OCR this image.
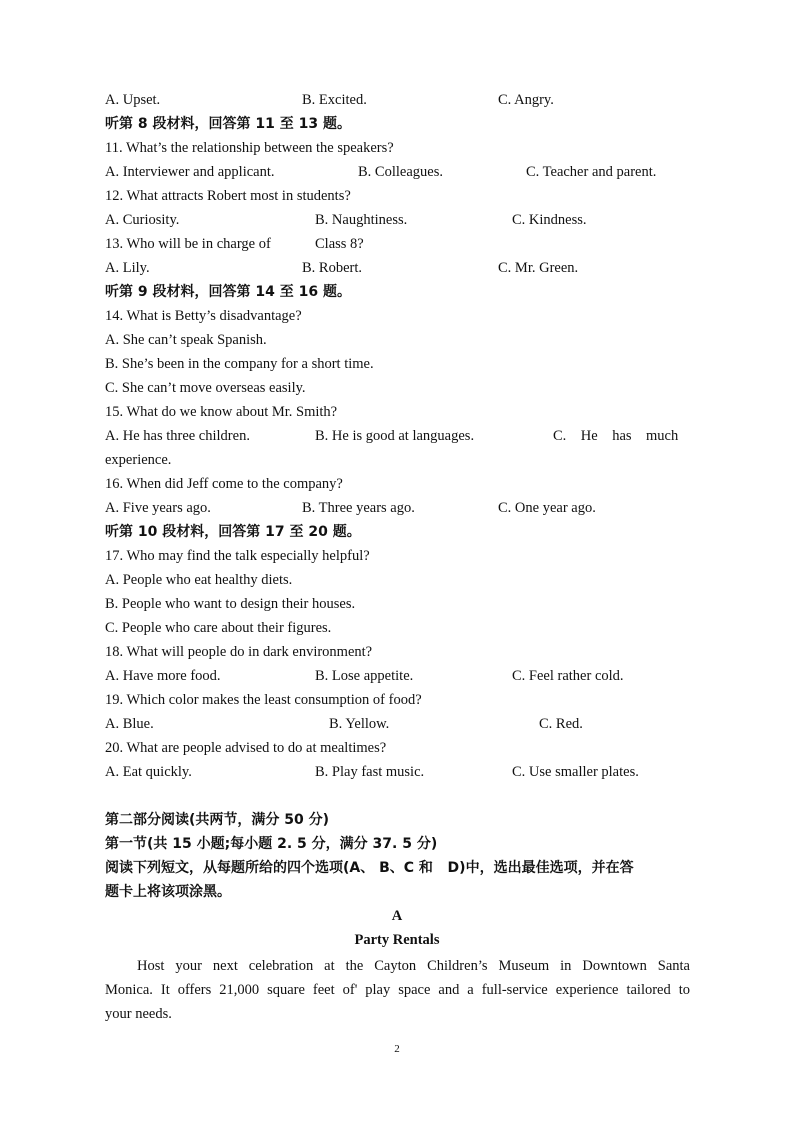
A. Upset.	B. Excited.	C. Angry.
听第 8 段材料，回答第 11 至 13 题。
11. What’s the relationship between the speakers?
A. Interviewer and applicant.	B. Colleagues.	C. Teacher and parent.
12. What attracts Robert most in students?
A. Curiosity.	B. Naughtiness.	C. Kindness.
13. Who will be in charge of	Class 8?
A. Lily.	B. Robert.	C. Mr. Green.
听第 9 段材料，回答第 14 至 16 题。
14. What is Betty’s disadvantage?
A. She can’t speak Spanish.
B. She’s been in the company for a short time.
C. She can’t move overseas easily.
15. What do we know about Mr. Smith?
A. He has three children.	B. He is good at languages.	C.    He    has    much
experience.
16. When did Jeff come to the company?
A. Five years ago.	B. Three years ago.	C. One year ago.
听第 10 段材料，回答第 17 至 20 题。
17. Who may find the talk especially helpful?
A. People who eat healthy diets.
B. People who want to design their houses.
C. People who care about their figures.
18. What will people do in dark environment?
A. Have more food.	B. Lose appetite.	C. Feel rather cold.
19. Which color makes the least consumption of food?
A. Blue.	B. Yellow.	C. Red.
20. What are people advised to do at mealtimes?
A. Eat quickly.	B. Play fast music.	C. Use smaller plates.
第二部分阅读(共两节，满分 50 分)
第一节(共 15 小题;每小题 2. 5 分，满分 37. 5 分)
阅读下列短文，从每题所给的四个选项(A、 B、C 和   D)中，选出最佳选项，并在答
题卡上将该项涂黑。
A
Party Rentals
Host your next celebration at the Cayton Children’s Museum in Downtown Santa
Monica. It offers 21,000 square feet of' play space and a full-service experience tailored to
your needs.
2
